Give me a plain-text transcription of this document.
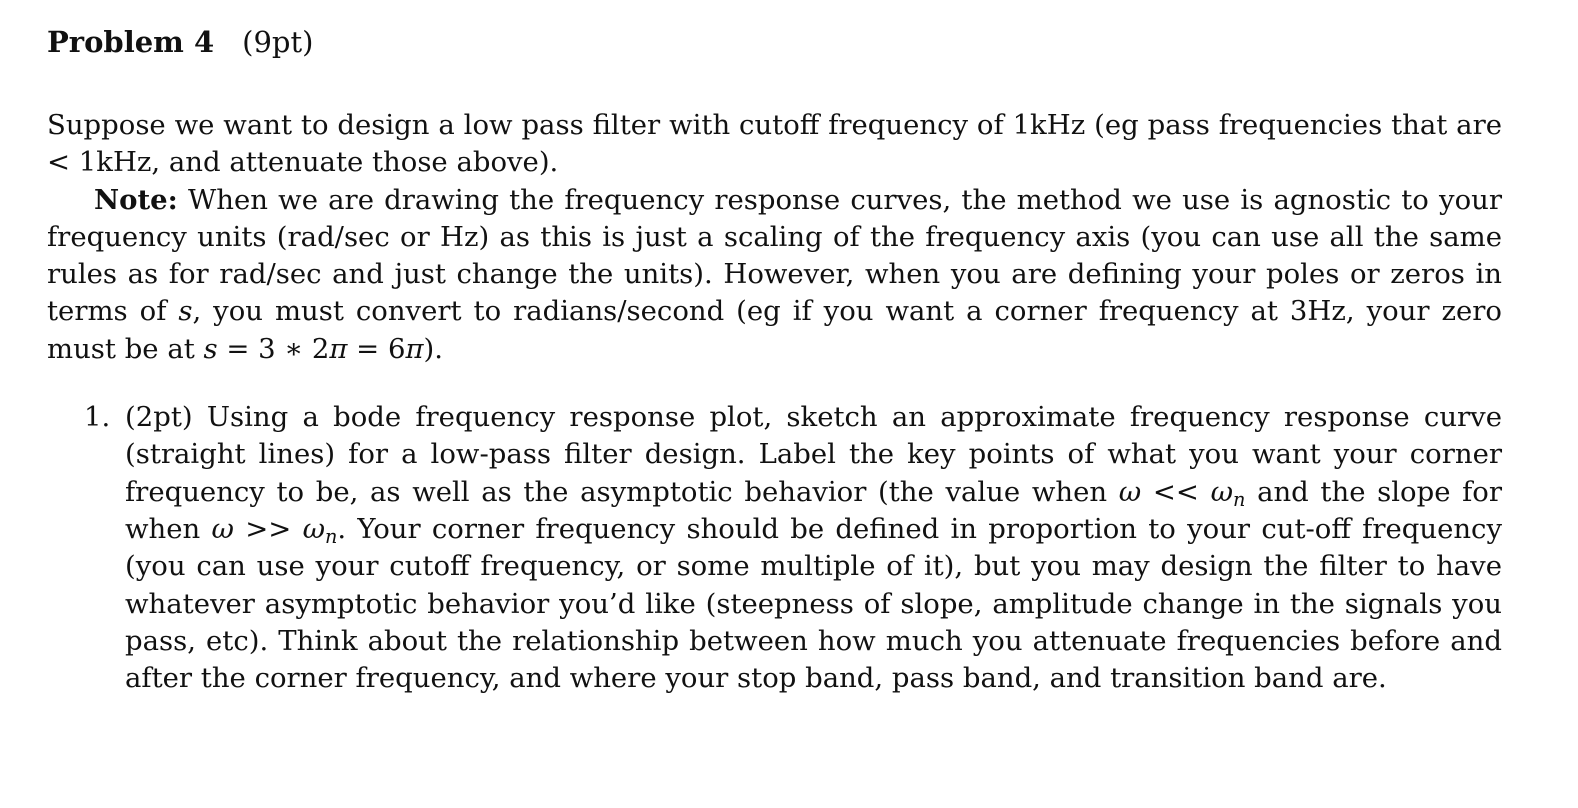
Problem 4 (9pt)

Suppose we want to design a low pass filter with cutoff frequency of 1kHz (eg pass frequencies that are < 1kHz, and attenuate those above).

Note: When we are drawing the frequency response curves, the method we use is agnostic to your frequency units (rad/sec or Hz) as this is just a scaling of the frequency axis (you can use all the same rules as for rad/sec and just change the units). However, when you are defining your poles or zeros in terms of s, you must convert to radians/second (eg if you want a corner frequency at 3Hz, your zero must be at s = 3 ∗ 2π = 6π).

1. (2pt) Using a bode frequency response plot, sketch an approximate frequency response curve (straight lines) for a low-pass filter design. Label the key points of what you want your corner frequency to be, as well as the asymptotic behavior (the value when $\omega << \omega_n$ and the slope for when $\omega >> \omega_n$. Your corner frequency should be defined in proportion to your cut-off frequency (you can use your cutoff frequency, or some multiple of it), but you may design the filter to have whatever asymptotic behavior you’d like (steepness of slope, amplitude change in the signals you pass, etc). Think about the relationship between how much you attenuate frequencies before and after the corner frequency, and where your stop band, pass band, and transition band are.
